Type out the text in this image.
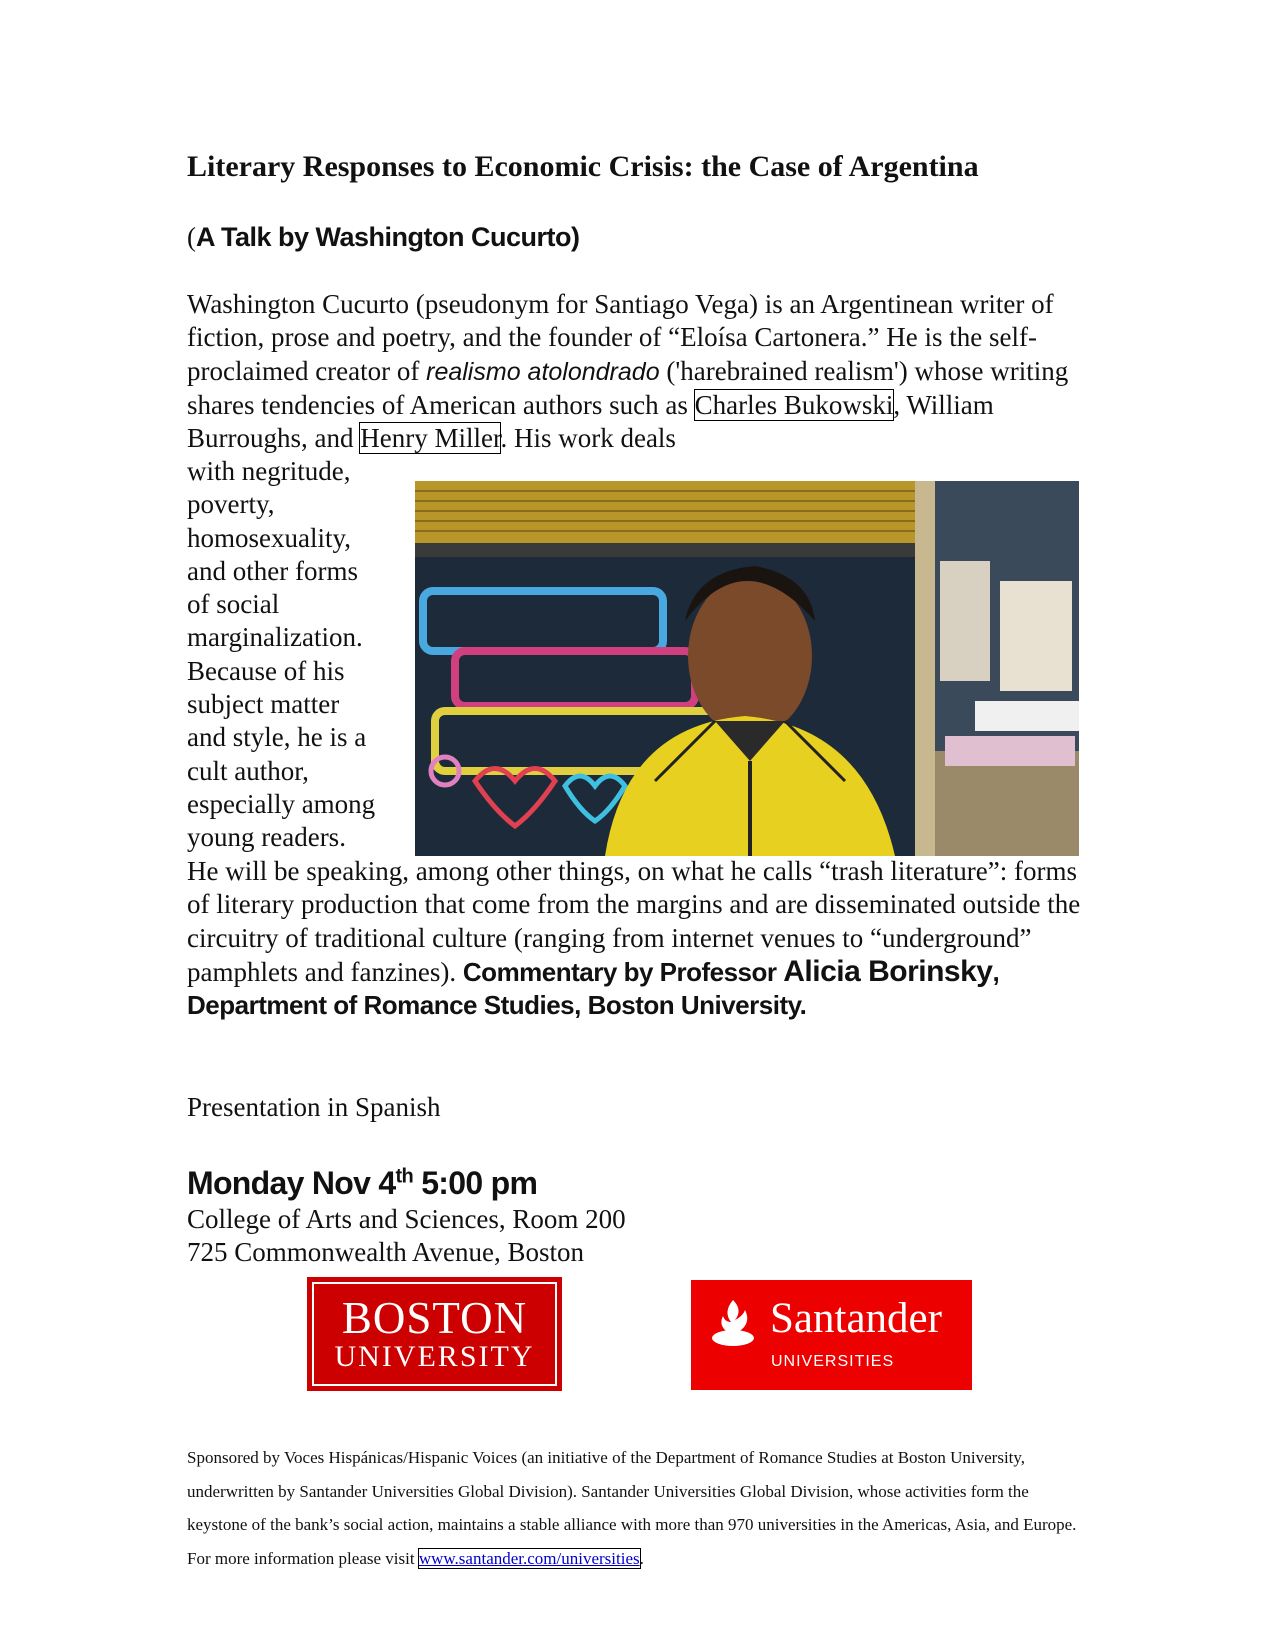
Literary Responses to Economic Crisis: the Case of Argentina
(A Talk by Washington Cucurto)
Washington Cucurto (pseudonym for Santiago Vega) is an Argentinean writer of fiction, prose and poetry, and the founder of “Eloísa Cartonera.” He is the self-proclaimed creator of realismo atolondrado ('harebrained realism') whose writing shares tendencies of American authors such as Charles Bukowski, William Burroughs, and Henry Miller. His work deals
with negritude,
poverty,
homosexuality,
and other forms
of social
marginalization.
Because of his
subject matter
and style, he is a
cult author,
especially among
young readers.
He will be speaking, among other things, on what he calls “trash literature”: forms of literary production that come from the margins and are disseminated outside the circuitry of traditional culture (ranging from internet venues to “underground” pamphlets and fanzines). Commentary by Professor Alicia Borinsky, Department of Romance Studies, Boston University.
Presentation in Spanish
Monday Nov 4th 5:00 pm
College of Arts and Sciences, Room 200
725 Commonwealth Avenue, Boston
BOSTON
UNIVERSITY
Santander
UNIVERSITIES
Sponsored by Voces Hispánicas/Hispanic Voices (an initiative of the Department of Romance Studies at Boston University, underwritten by Santander Universities Global Division). Santander Universities Global Division, whose activities form the keystone of the bank’s social action, maintains a stable alliance with more than 970 universities in the Americas, Asia, and Europe. For more information please visit www.santander.com/universities.
